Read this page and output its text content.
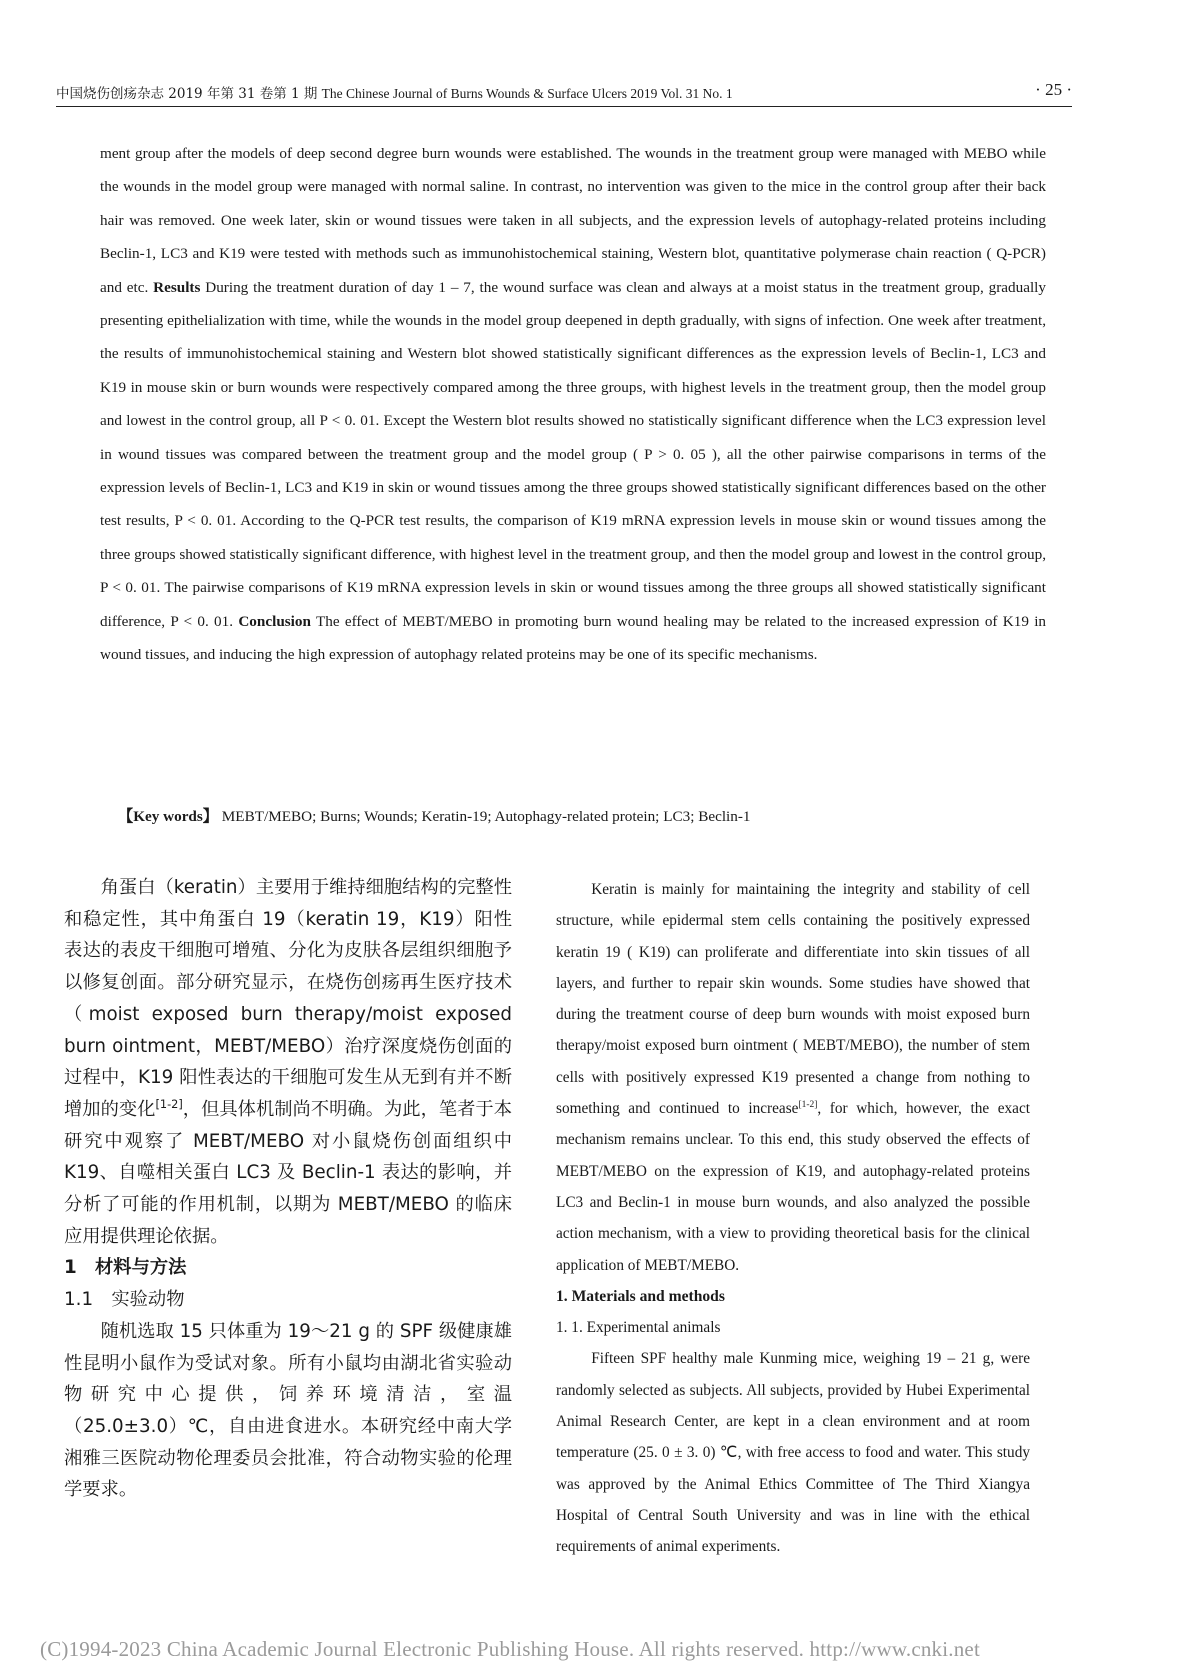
中国烧伤创疡杂志 2019 年第 31 卷第 1 期 The Chinese Journal of Burns Wounds & Surface Ulcers 2019 Vol. 31 No. 1	· 25 ·
ment group after the models of deep second degree burn wounds were established. The wounds in the treatment group were managed with MEBO while the wounds in the model group were managed with normal saline. In contrast, no intervention was given to the mice in the control group after their back hair was removed. One week later, skin or wound tissues were taken in all subjects, and the expression levels of autophagy-related proteins including Beclin-1, LC3 and K19 were tested with methods such as immunohistochemical staining, Western blot, quantitative polymerase chain reaction ( Q-PCR) and etc. Results During the treatment duration of day 1 – 7, the wound surface was clean and always at a moist status in the treatment group, gradually presenting epithelialization with time, while the wounds in the model group deepened in depth gradually, with signs of infection. One week after treatment, the results of immunohistochemical staining and Western blot showed statistically significant differences as the expression levels of Beclin-1, LC3 and K19 in mouse skin or burn wounds were respectively compared among the three groups, with highest levels in the treatment group, then the model group and lowest in the control group, all P < 0. 01. Except the Western blot results showed no statistically significant difference when the LC3 expression level in wound tissues was compared between the treatment group and the model group ( P > 0. 05 ), all the other pairwise comparisons in terms of the expression levels of Beclin-1, LC3 and K19 in skin or wound tissues among the three groups showed statistically significant differences based on the other test results, P < 0. 01. According to the Q-PCR test results, the comparison of K19 mRNA expression levels in mouse skin or wound tissues among the three groups showed statistically significant difference, with highest level in the treatment group, and then the model group and lowest in the control group, P < 0. 01. The pairwise comparisons of K19 mRNA expression levels in skin or wound tissues among the three groups all showed statistically significant difference, P < 0. 01. Conclusion The effect of MEBT/MEBO in promoting burn wound healing may be related to the increased expression of K19 in wound tissues, and inducing the high expression of autophagy related proteins may be one of its specific mechanisms.
【Key words】 MEBT/MEBO; Burns; Wounds; Keratin-19; Autophagy-related protein; LC3; Beclin-1

角蛋白（keratin）主要用于维持细胞结构的完整性和稳定性，其中角蛋白 19（keratin 19，K19）阳性表达的表皮干细胞可增殖、分化为皮肤各层组织细胞予以修复创面。部分研究显示，在烧伤创疡再生医疗技术（moist exposed burn therapy/moist exposed burn ointment，MEBT/MEBO）治疗深度烧伤创面的过程中，K19 阳性表达的干细胞可发生从无到有并不断增加的变化[1-2]，但具体机制尚不明确。为此，笔者于本研究中观察了 MEBT/MEBO 对小鼠烧伤创面组织中 K19、自噬相关蛋白 LC3 及 Beclin-1 表达的影响，并分析了可能的作用机制，以期为 MEBT/MEBO 的临床应用提供理论依据。

1　材料与方法
1.1　实验动物

随机选取 15 只体重为 19～21 g 的 SPF 级健康雄性昆明小鼠作为受试对象。所有小鼠均由湖北省实验动物研究中心提供，饲养环境清洁，室温（25.0±3.0）℃，自由进食进水。本研究经中南大学湘雅三医院动物伦理委员会批准，符合动物实验的伦理学要求。

Keratin is mainly for maintaining the integrity and stability of cell structure, while epidermal stem cells containing the positively expressed keratin 19 ( K19) can proliferate and differentiate into skin tissues of all layers, and further to repair skin wounds. Some studies have showed that during the treatment course of deep burn wounds with moist exposed burn therapy/moist exposed burn ointment ( MEBT/MEBO), the number of stem cells with positively expressed K19 presented a change from nothing to something and continued to increase[1-2], for which, however, the exact mechanism remains unclear. To this end, this study observed the effects of MEBT/MEBO on the expression of K19, and autophagy-related proteins LC3 and Beclin-1 in mouse burn wounds, and also analyzed the possible action mechanism, with a view to providing theoretical basis for the clinical application of MEBT/MEBO.

1. Materials and methods
1. 1. Experimental animals

Fifteen SPF healthy male Kunming mice, weighing 19 – 21 g, were randomly selected as subjects. All subjects, provided by Hubei Experimental Animal Research Center, are kept in a clean environment and at room temperature (25. 0 ± 3. 0) ℃, with free access to food and water. This study was approved by the Animal Ethics Committee of The Third Xiangya Hospital of Central South University and was in line with the ethical requirements of animal experiments.

(C)1994-2023 China Academic Journal Electronic Publishing House. All rights reserved. http://www.cnki.net
